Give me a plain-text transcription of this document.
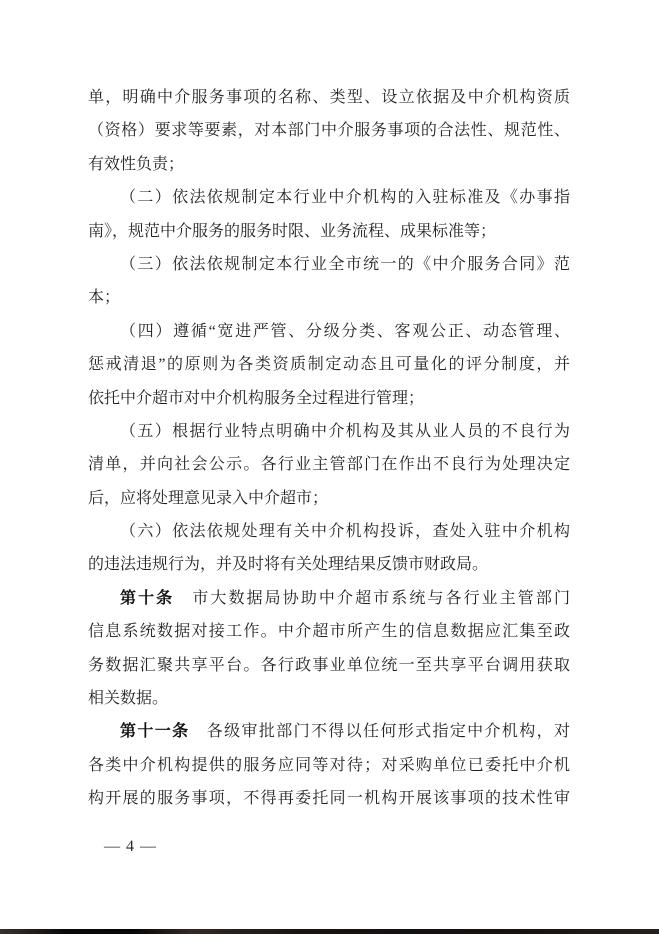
单，明确中介服务事项的名称、类型、设立依据及中介机构资质

（资格）要求等要素，对本部门中介服务事项的合法性、规范性、

有效性负责；

（二）依法依规制定本行业中介机构的入驻标准及《办事指

南》，规范中介服务的服务时限、业务流程、成果标准等；

（三）依法依规制定本行业全市统一的《中介服务合同》范

本；

（四）遵循“宽进严管、分级分类、客观公正、动态管理、

惩戒清退”的原则为各类资质制定动态且可量化的评分制度，并

依托中介超市对中介机构服务全过程进行管理；

（五）根据行业特点明确中介机构及其从业人员的不良行为

清单，并向社会公示。各行业主管部门在作出不良行为处理决定

后，应将处理意见录入中介超市；

（六）依法依规处理有关中介机构投诉，查处入驻中介机构

的违法违规行为，并及时将有关处理结果反馈市财政局。

第十条　市大数据局协助中介超市系统与各行业主管部门

信息系统数据对接工作。中介超市所产生的信息数据应汇集至政

务数据汇聚共享平台。各行政事业单位统一至共享平台调用获取

相关数据。

第十一条　各级审批部门不得以任何形式指定中介机构，对

各类中介机构提供的服务应同等对待；对采购单位已委托中介机

构开展的服务事项，不得再委托同一机构开展该事项的技术性审

— 4 —
